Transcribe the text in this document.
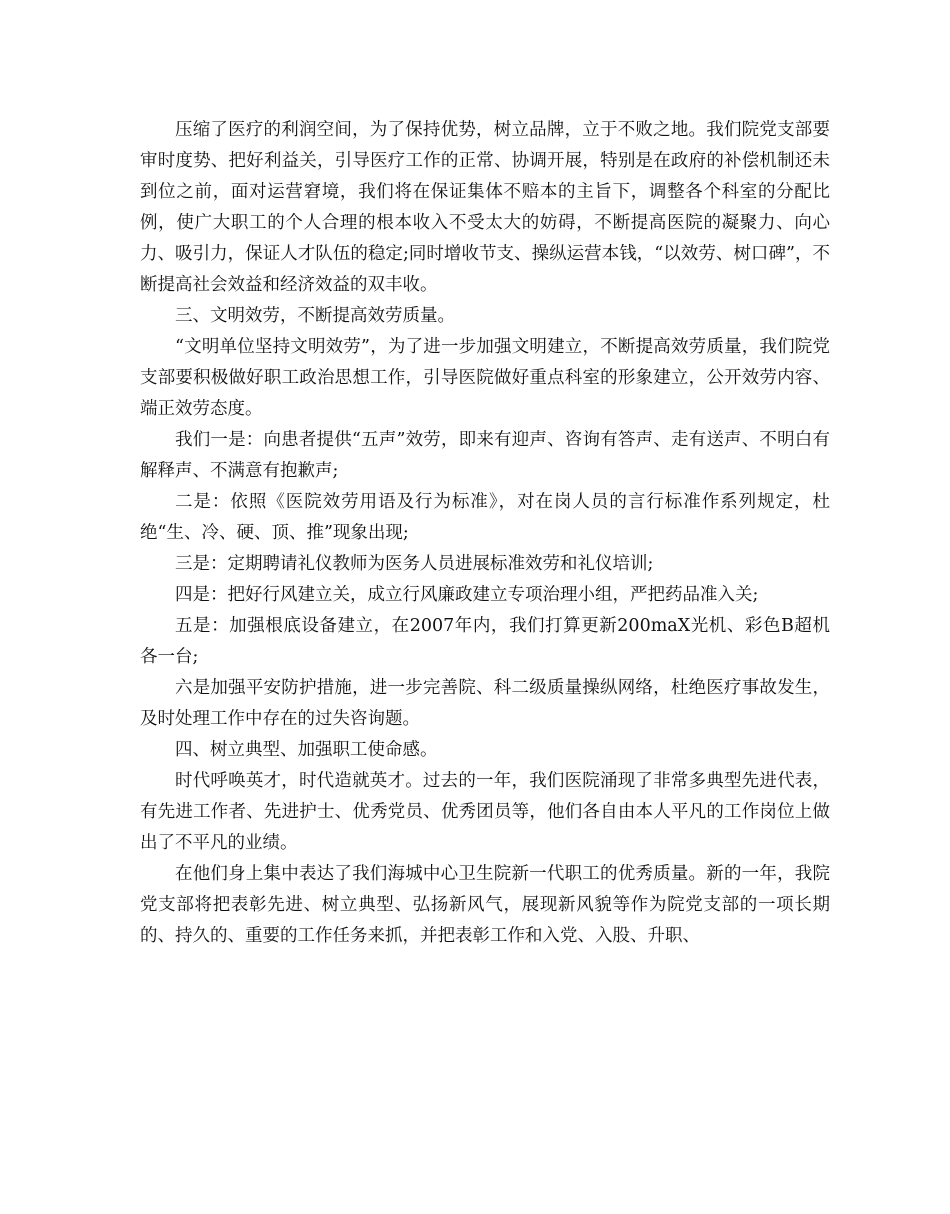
压缩了医疗的利润空间，为了保持优势，树立品牌，立于不败之地。我们院党支部要审时度势、把好利益关，引导医疗工作的正常、协调开展，特别是在政府的补偿机制还未到位之前，面对运营窘境，我们将在保证集体不赔本的主旨下，调整各个科室的分配比例，使广大职工的个人合理的根本收入不受太大的妨碍，不断提高医院的凝聚力、向心力、吸引力，保证人才队伍的稳定;同时增收节支、操纵运营本钱，“以效劳、树口碑”，不断提高社会效益和经济效益的双丰收。

三、文明效劳，不断提高效劳质量。

“文明单位坚持文明效劳”，为了进一步加强文明建立，不断提高效劳质量，我们院党支部要积极做好职工政治思想工作，引导医院做好重点科室的形象建立，公开效劳内容、端正效劳态度。

我们一是：向患者提供“五声”效劳，即来有迎声、咨询有答声、走有送声、不明白有解释声、不满意有抱歉声;

二是：依照《医院效劳用语及行为标准》，对在岗人员的言行标准作系列规定，杜绝“生、冷、硬、顶、推”现象出现;

三是：定期聘请礼仪教师为医务人员进展标准效劳和礼仪培训;

四是：把好行风建立关，成立行风廉政建立专项治理小组，严把药品准入关;

五是：加强根底设备建立，在2007年内，我们打算更新200maX光机、彩色B超机各一台;

六是加强平安防护措施，进一步完善院、科二级质量操纵网络，杜绝医疗事故发生，及时处理工作中存在的过失咨询题。

四、树立典型、加强职工使命感。

时代呼唤英才，时代造就英才。过去的一年，我们医院涌现了非常多典型先进代表，有先进工作者、先进护士、优秀党员、优秀团员等，他们各自由本人平凡的工作岗位上做出了不平凡的业绩。

在他们身上集中表达了我们海城中心卫生院新一代职工的优秀质量。新的一年，我院党支部将把表彰先进、树立典型、弘扬新风气，展现新风貌等作为院党支部的一项长期的、持久的、重要的工作任务来抓，并把表彰工作和入党、入股、升职、
